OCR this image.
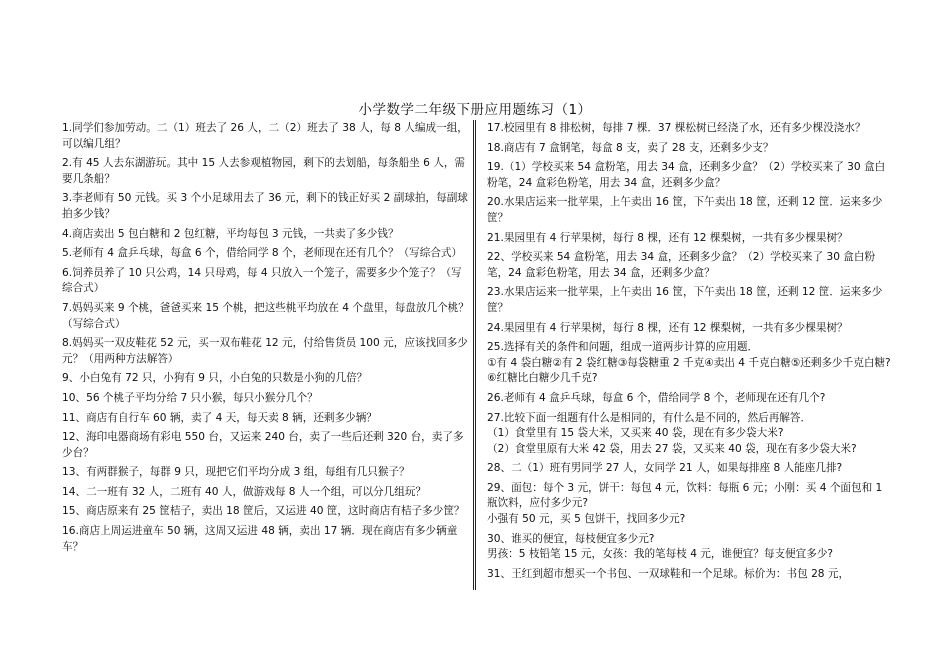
小学数学二年级下册应用题练习（1）

1.同学们参加劳动。二（1）班去了 26 人，二（2）班去了 38 人，每 8 人编成一组，可以编几组？

2.有 45 人去东湖游玩。其中 15 人去参观植物园，剩下的去划船，每条船坐 6 人，需要几条船？

3.李老师有 50 元钱。买 3 个小足球用去了 36 元，剩下的钱正好买 2 副球拍，每副球拍多少钱？

4.商店卖出 5 包白糖和 2 包红糖，平均每包 3 元钱，一共卖了多少钱？

5.老师有 4 盒乒乓球，每盒 6 个，借给同学 8 个，老师现在还有几个？（写综合式）

6.饲养员养了 10 只公鸡，14 只母鸡，每 4 只放入一个笼子，需要多少个笼子？（写综合式）

7.妈妈买来 9 个桃，爸爸买来 15 个桃，把这些桃平均放在 4 个盘里，每盘放几个桃？（写综合式）

8.妈妈买一双皮鞋花 52 元，买一双布鞋花 12 元，付给售货员 100 元，应该找回多少元？（用两种方法解答）

9、小白兔有 72 只，小狗有 9 只，小白兔的只数是小狗的几倍？

10、56 个桃子平均分给 7 只小猴，每只小猴分几个？

11、商店有自行车 60 辆，卖了 4 天，每天卖 8 辆，还剩多少辆？

12、海印电器商场有彩电 550 台，又运来 240 台，卖了一些后还剩 320 台，卖了多少台？

13、有两群猴子，每群 9 只，现把它们平均分成 3 组，每组有几只猴子？

14、二一班有 32 人，二班有 40 人，做游戏每 8 人一个组，可以分几组玩？

15、商店原来有 25 筐桔子，卖出 18 筐后，又运进 40 筐，这时商店有桔子多少筐？

16.商店上周运进童车 50 辆，这周又运进 48 辆，卖出 17 辆．现在商店有多少辆童车？

17.校园里有 8 排松树，每排 7 棵．37 棵松树已经浇了水，还有多少棵没浇水？

18.商店有 7 盒钢笔，每盒 8 支，卖了 28 支，还剩多少支？

19.（1）学校买来 54 盒粉笔，用去 34 盒，还剩多少盒？（2）学校买来了 30 盒白粉笔，24 盒彩色粉笔，用去 34 盒，还剩多少盒？

20.水果店运来一批苹果，上午卖出 16 筐，下午卖出 18 筐，还剩 12 筐．运来多少筐？

21.果园里有 4 行苹果树，每行 8 棵，还有 12 棵梨树，一共有多少棵果树？

22、学校买来 54 盒粉笔，用去 34 盒，还剩多少盒？（2）学校买来了 30 盒白粉笔，24 盒彩色粉笔，用去 34 盒，还剩多少盒？

23.水果店运来一批苹果，上午卖出 16 筐，下午卖出 18 筐，还剩 12 筐．运来多少筐？

24.果园里有 4 行苹果树，每行 8 棵，还有 12 棵梨树，一共有多少棵果树？

25.选择有关的条件和问题，组成一道两步计算的应用题．

①有 4 袋白糖②有 2 袋红糖③每袋糖重 2 千克④卖出 4 千克白糖⑤还剩多少千克白糖?⑥红糖比白糖少几千克?

26.老师有 4 盒乒乓球，每盒 6 个，借给同学 8 个，老师现在还有几个?

27.比较下面一组题有什么是相同的，有什么是不同的，然后再解答．

（1）食堂里有 15 袋大米，又买来 40 袋，现在有多少袋大米?

（2）食堂里原有大米 42 袋，用去 27 袋，又买来 40 袋，现在有多少袋大米?

28、二（1）班有男同学 27 人，女同学 21 人，如果每排座 8 人能座几排?

29、面包：每个 3 元，饼干：每包 4 元，饮料：每瓶 6 元；小刚：买 4 个面包和 1 瓶饮料，应付多少元?

小强有 50 元，买 5 包饼干，找回多少元?

30、谁买的便宜，每枝便宜多少元?

男孩：5 枝铅笔 15 元，女孩：我的笔每枝 4 元，谁便宜？每支便宜多少?

31、王红到超市想买一个书包、一双球鞋和一个足球。标价为：书包 28 元，
